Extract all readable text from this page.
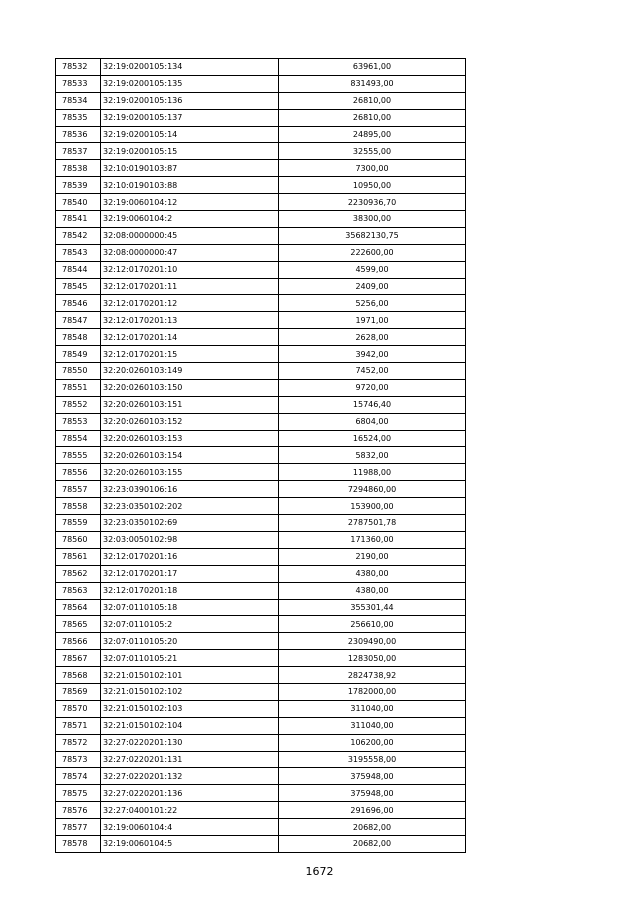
78532	32:19:0200105:134	63961,00
78533	32:19:0200105:135	831493,00
78534	32:19:0200105:136	26810,00
78535	32:19:0200105:137	26810,00
78536	32:19:0200105:14	24895,00
78537	32:19:0200105:15	32555,00
78538	32:10:0190103:87	7300,00
78539	32:10:0190103:88	10950,00
78540	32:19:0060104:12	2230936,70
78541	32:19:0060104:2	38300,00
78542	32:08:0000000:45	35682130,75
78543	32:08:0000000:47	222600,00
78544	32:12:0170201:10	4599,00
78545	32:12:0170201:11	2409,00
78546	32:12:0170201:12	5256,00
78547	32:12:0170201:13	1971,00
78548	32:12:0170201:14	2628,00
78549	32:12:0170201:15	3942,00
78550	32:20:0260103:149	7452,00
78551	32:20:0260103:150	9720,00
78552	32:20:0260103:151	15746,40
78553	32:20:0260103:152	6804,00
78554	32:20:0260103:153	16524,00
78555	32:20:0260103:154	5832,00
78556	32:20:0260103:155	11988,00
78557	32:23:0390106:16	7294860,00
78558	32:23:0350102:202	153900,00
78559	32:23:0350102:69	2787501,78
78560	32:03:0050102:98	171360,00
78561	32:12:0170201:16	2190,00
78562	32:12:0170201:17	4380,00
78563	32:12:0170201:18	4380,00
78564	32:07:0110105:18	355301,44
78565	32:07:0110105:2	256610,00
78566	32:07:0110105:20	2309490,00
78567	32:07:0110105:21	1283050,00
78568	32:21:0150102:101	2824738,92
78569	32:21:0150102:102	1782000,00
78570	32:21:0150102:103	311040,00
78571	32:21:0150102:104	311040,00
78572	32:27:0220201:130	106200,00
78573	32:27:0220201:131	3195558,00
78574	32:27:0220201:132	375948,00
78575	32:27:0220201:136	375948,00
78576	32:27:0400101:22	291696,00
78577	32:19:0060104:4	20682,00
78578	32:19:0060104:5	20682,00
1672
